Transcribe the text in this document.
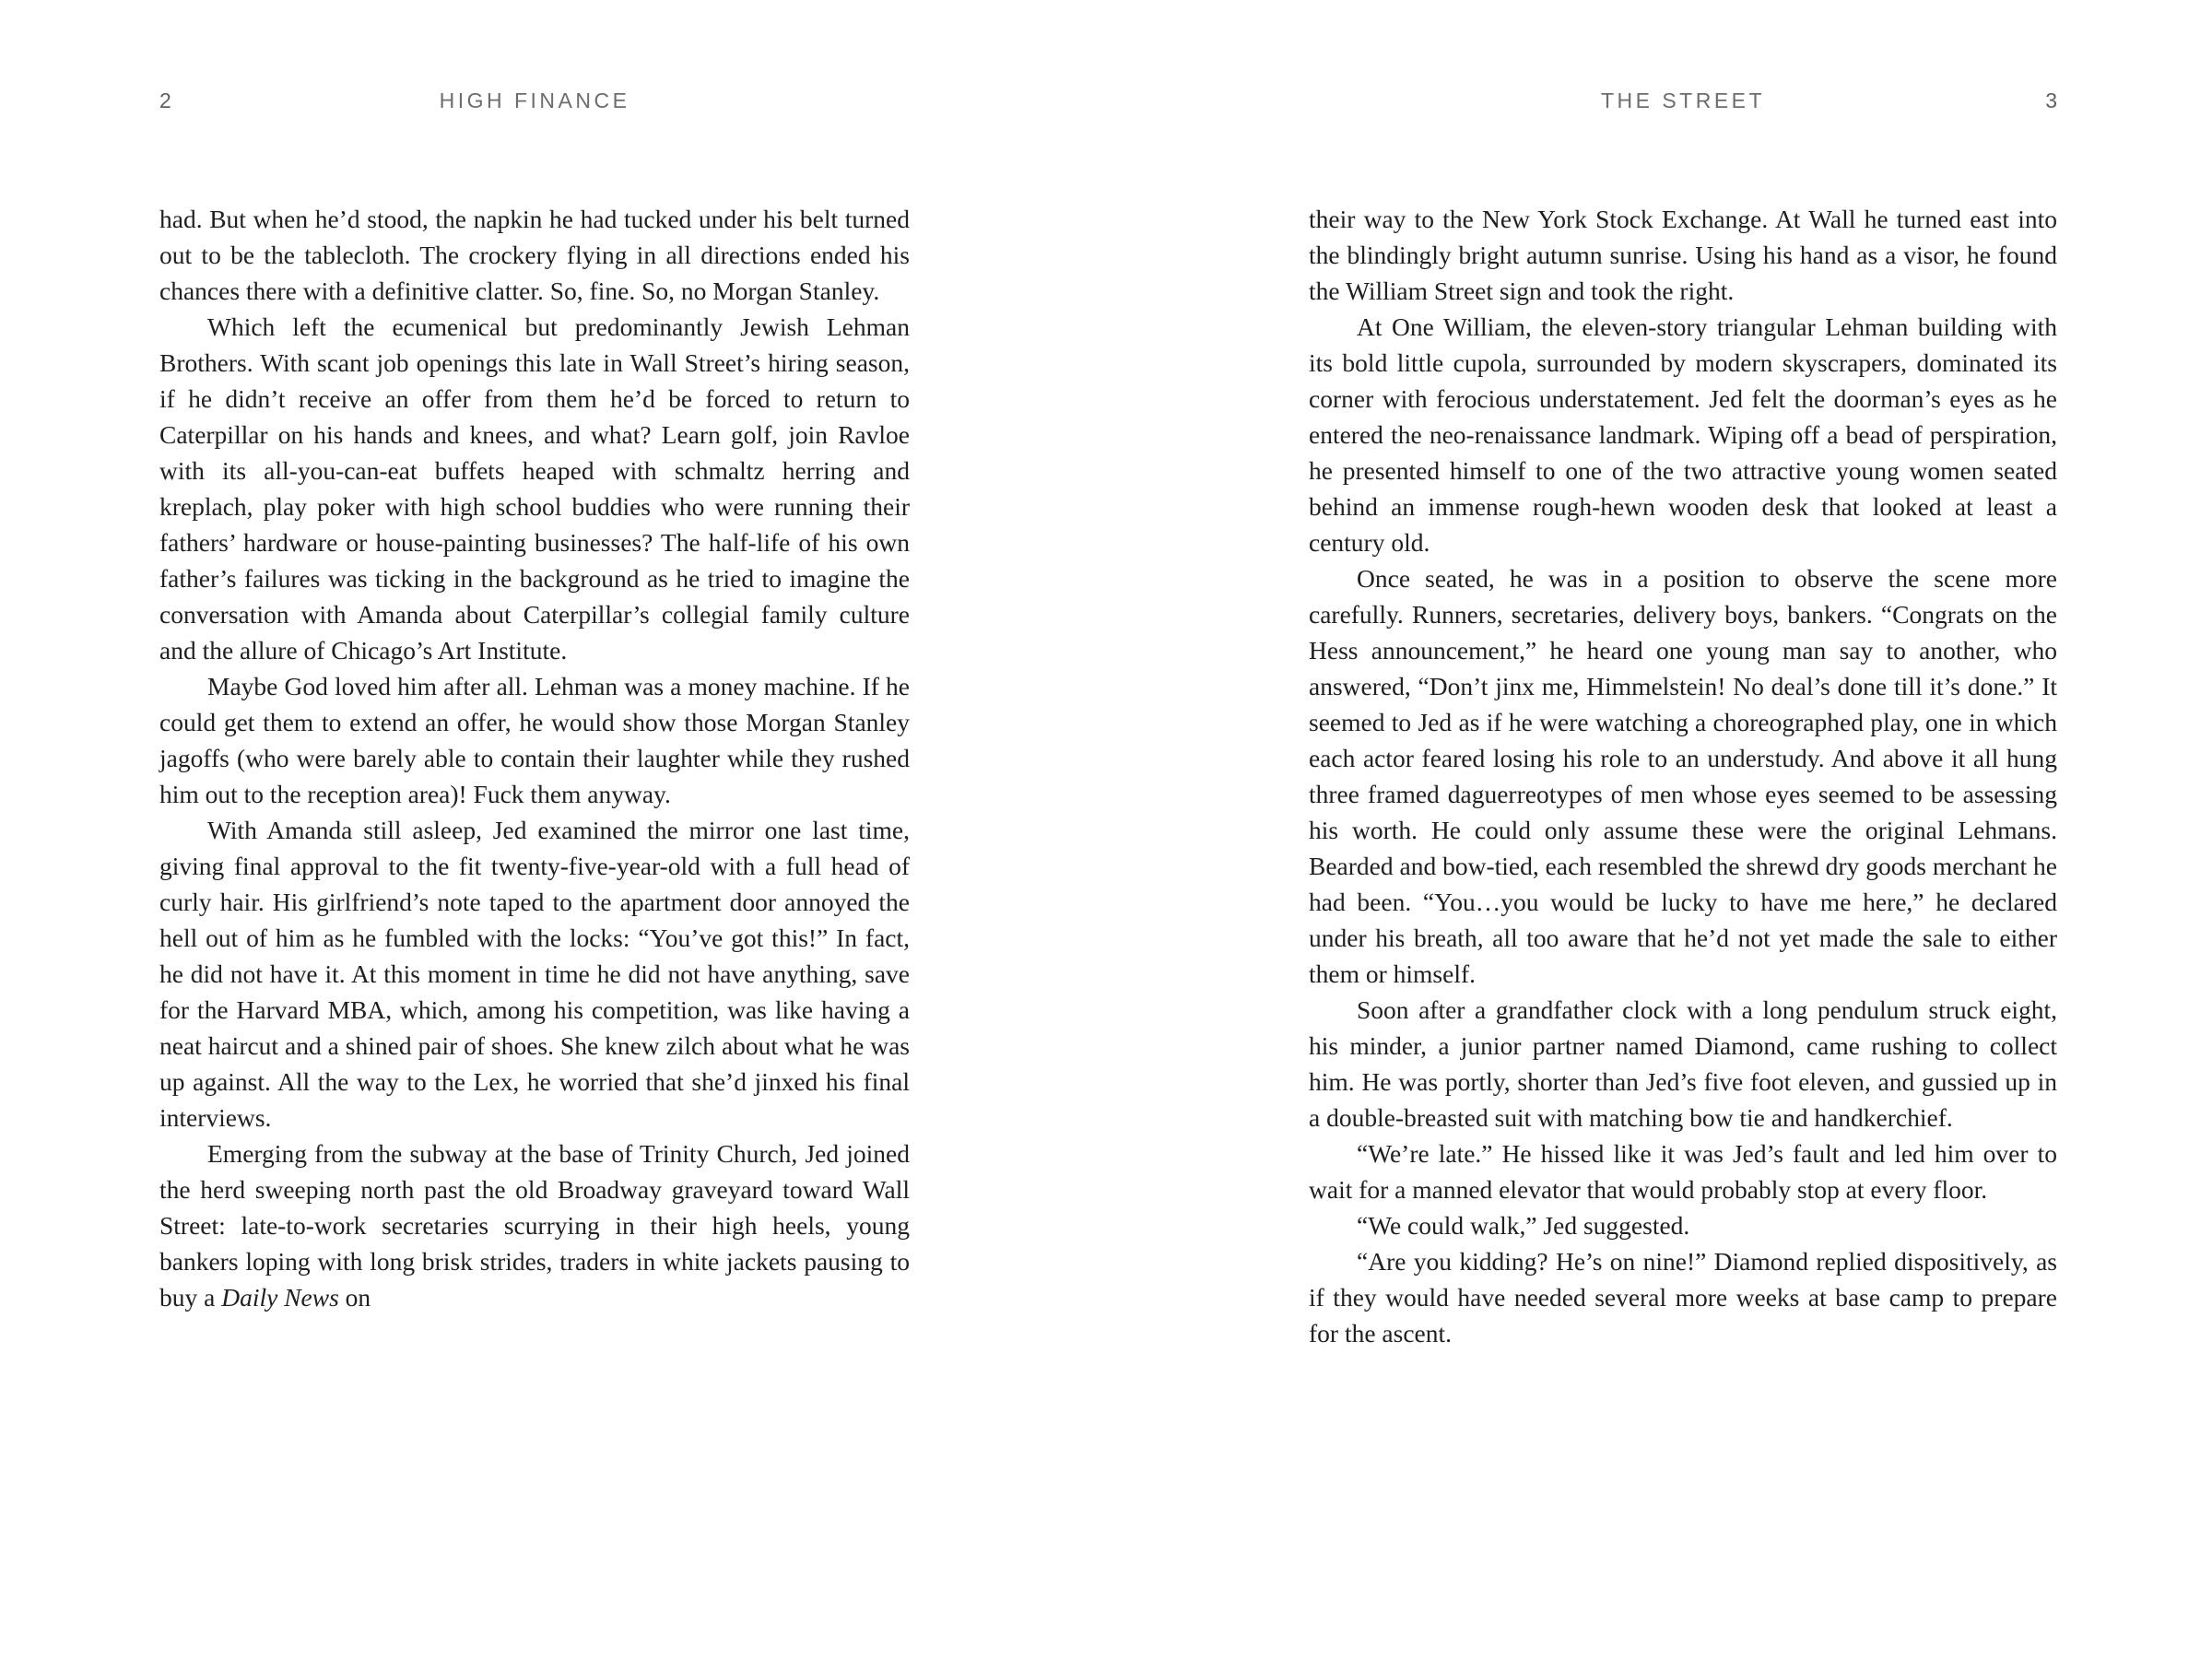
2	HIGH FINANCE

had. But when he’d stood, the napkin he had tucked under his belt turned out to be the tablecloth. The crockery flying in all directions ended his chances there with a definitive clatter. So, fine. So, no Morgan Stanley.

Which left the ecumenical but predominantly Jewish Lehman Brothers. With scant job openings this late in Wall Street’s hiring season, if he didn’t receive an offer from them he’d be forced to return to Caterpillar on his hands and knees, and what? Learn golf, join Ravloe with its all-you-can-eat buffets heaped with schmaltz herring and kreplach, play poker with high school buddies who were running their fathers’ hardware or house-painting businesses? The half-life of his own father’s failures was ticking in the background as he tried to imagine the conversation with Amanda about Caterpillar’s collegial family culture and the allure of Chicago’s Art Institute.

Maybe God loved him after all. Lehman was a money machine. If he could get them to extend an offer, he would show those Morgan Stanley jagoffs (who were barely able to contain their laughter while they rushed him out to the reception area)! Fuck them anyway.

With Amanda still asleep, Jed examined the mirror one last time, giving final approval to the fit twenty-five-year-old with a full head of curly hair. His girlfriend’s note taped to the apartment door annoyed the hell out of him as he fumbled with the locks: “You’ve got this!” In fact, he did not have it. At this moment in time he did not have anything, save for the Harvard MBA, which, among his competition, was like having a neat haircut and a shined pair of shoes. She knew zilch about what he was up against. All the way to the Lex, he worried that she’d jinxed his final interviews.

Emerging from the subway at the base of Trinity Church, Jed joined the herd sweeping north past the old Broadway graveyard toward Wall Street: late-to-work secretaries scurrying in their high heels, young bankers loping with long brisk strides, traders in white jackets pausing to buy a Daily News on

THE STREET	3

their way to the New York Stock Exchange. At Wall he turned east into the blindingly bright autumn sunrise. Using his hand as a visor, he found the William Street sign and took the right.

At One William, the eleven-story triangular Lehman building with its bold little cupola, surrounded by modern skyscrapers, dominated its corner with ferocious understatement. Jed felt the doorman’s eyes as he entered the neo-renaissance landmark. Wiping off a bead of perspiration, he presented himself to one of the two attractive young women seated behind an immense rough-hewn wooden desk that looked at least a century old.

Once seated, he was in a position to observe the scene more carefully. Runners, secretaries, delivery boys, bankers. “Congrats on the Hess announcement,” he heard one young man say to another, who answered, “Don’t jinx me, Himmelstein! No deal’s done till it’s done.” It seemed to Jed as if he were watching a choreographed play, one in which each actor feared losing his role to an understudy. And above it all hung three framed daguerreotypes of men whose eyes seemed to be assessing his worth. He could only assume these were the original Lehmans. Bearded and bow-tied, each resembled the shrewd dry goods merchant he had been. “You…you would be lucky to have me here,” he declared under his breath, all too aware that he’d not yet made the sale to either them or himself.

Soon after a grandfather clock with a long pendulum struck eight, his minder, a junior partner named Diamond, came rushing to collect him. He was portly, shorter than Jed’s five foot eleven, and gussied up in a double-breasted suit with matching bow tie and handkerchief.

“We’re late.” He hissed like it was Jed’s fault and led him over to wait for a manned elevator that would probably stop at every floor.

“We could walk,” Jed suggested.

“Are you kidding? He’s on nine!” Diamond replied dispositively, as if they would have needed several more weeks at base camp to prepare for the ascent.
